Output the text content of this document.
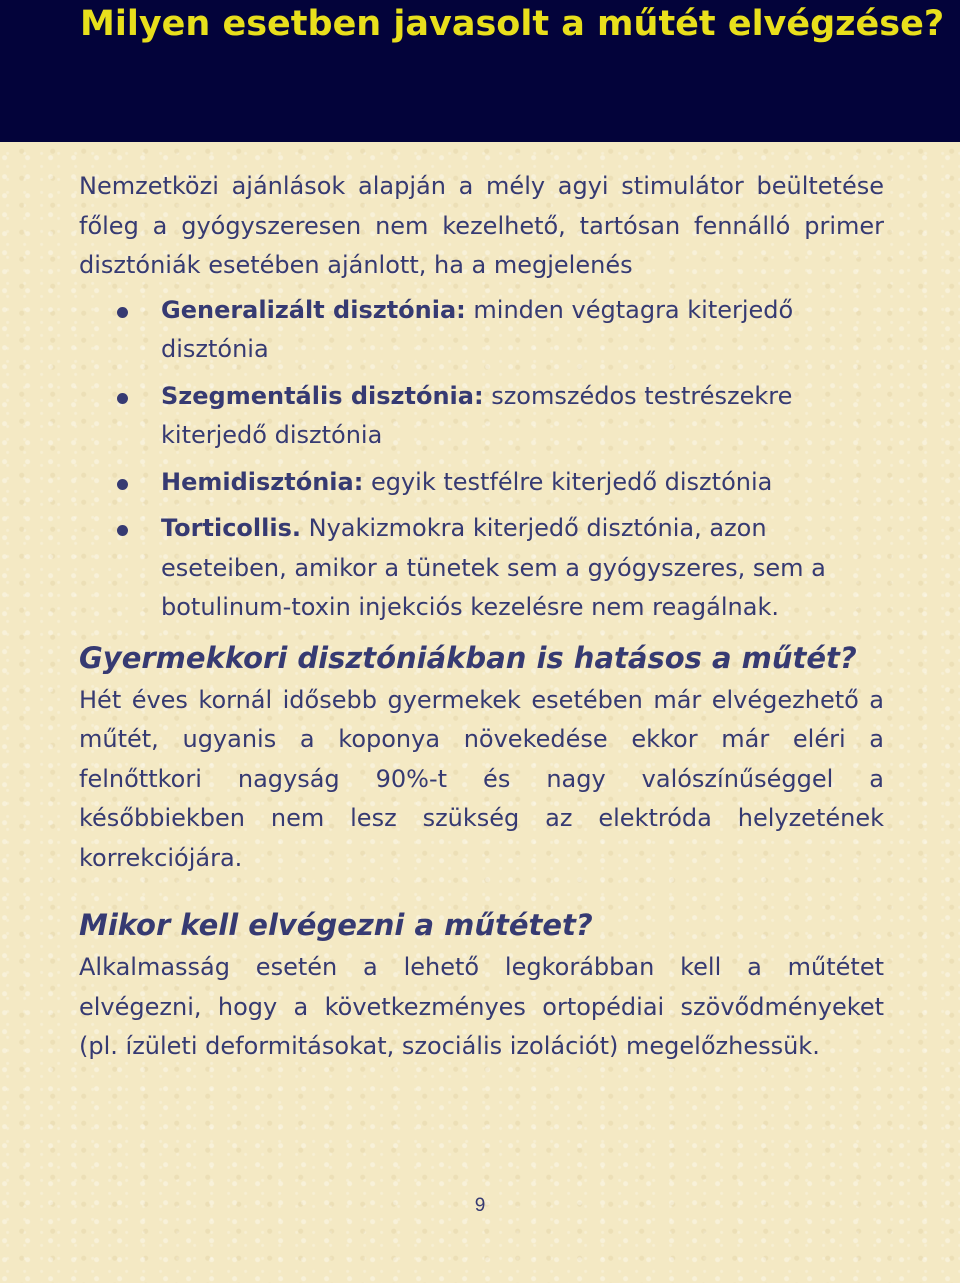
Milyen esetben javasolt a műtét elvégzése?

Nemzetközi ajánlások alapján a mély agyi stimulátor beültetése főleg a gyógyszeresen nem kezelhető, tartósan fennálló primer disztóniák esetében ajánlott, ha a megjelenés

Generalizált disztónia: minden végtagra kiterjedő disztónia
Szegmentális disztónia: szomszédos testrészekre kiterjedő disztónia
Hemidisztónia: egyik testfélre kiterjedő disztónia
Torticollis. Nyakizmokra kiterjedő disztónia, azon eseteiben, amikor a tünetek sem a gyógyszeres, sem a botulinum-toxin injekciós kezelésre nem reagálnak.
Gyermekkori disztóniákban is hatásos a műtét?

Hét éves kornál idősebb gyermekek esetében már elvégezhető a műtét, ugyanis a koponya növekedése ekkor már eléri a felnőttkori nagyság 90%-t és nagy valószínűséggel a későbbiekben nem lesz szükség az elektróda helyzetének korrekciójára.

Mikor kell elvégezni a műtétet?

Alkalmasság esetén a lehető legkorábban kell a műtétet elvégezni, hogy a következményes ortopédiai szövődményeket (pl. ízületi deformitásokat, szociális izolációt) megelőzhessük.

9
